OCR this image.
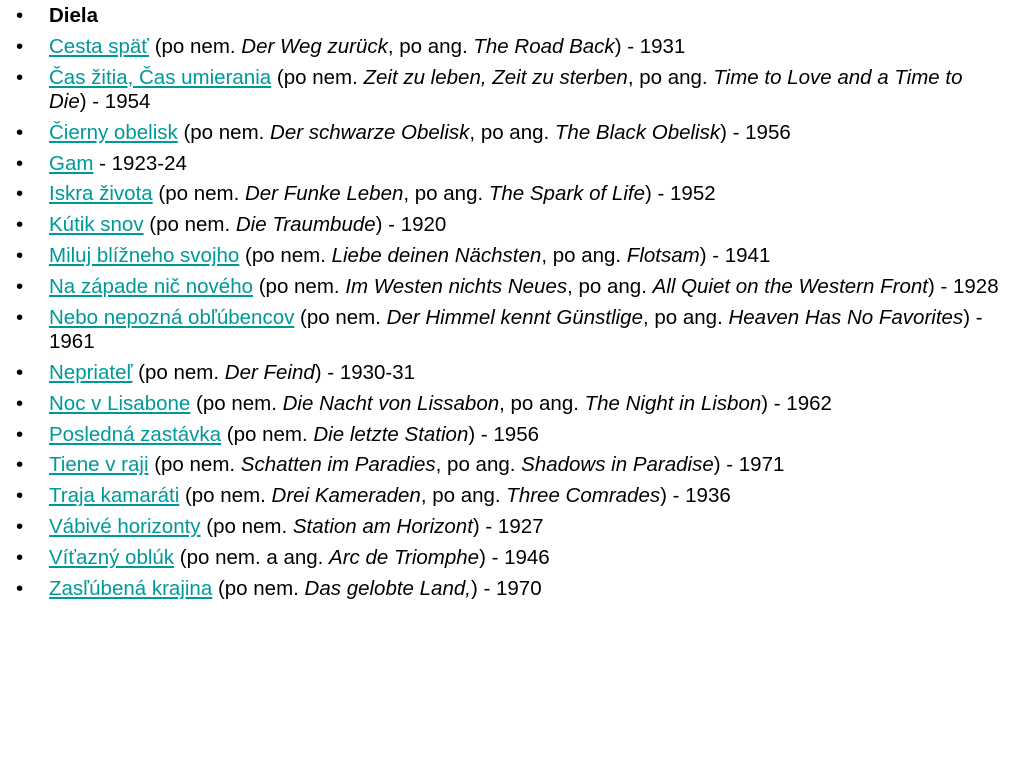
• Diela
• Cesta späť (po nem. Der Weg zurück, po ang. The Road Back) - 1931
• Čas žitia, Čas umierania (po nem. Zeit zu leben, Zeit zu sterben, po ang. Time to Love and a Time to Die) - 1954
• Čierny obelisk (po nem. Der schwarze Obelisk, po ang. The Black Obelisk) - 1956
• Gam - 1923-24
• Iskra života (po nem. Der Funke Leben, po ang. The Spark of Life) - 1952
• Kútik snov (po nem. Die Traumbude) - 1920
• Miluj blížneho svojho (po nem. Liebe deinen Nächsten, po ang. Flotsam) - 1941
• Na západe nič nového (po nem. Im Westen nichts Neues, po ang. All Quiet on the Western Front) - 1928
• Nebo nepozná obľúbencov (po nem. Der Himmel kennt Günstlige, po ang. Heaven Has No Favorites) - 1961
• Nepriateľ (po nem. Der Feind) - 1930-31
• Noc v Lisabone (po nem. Die Nacht von Lissabon, po ang. The Night in Lisbon) - 1962
• Posledná zastávka (po nem. Die letzte Station) - 1956
• Tiene v raji (po nem. Schatten im Paradies, po ang. Shadows in Paradise) - 1971
• Traja kamaráti (po nem. Drei Kameraden, po ang. Three Comrades) - 1936
• Vábivé horizonty (po nem. Station am Horizont) - 1927
• Víťazný oblúk (po nem. a ang. Arc de Triomphe) - 1946
• Zasľúbená krajina (po nem. Das gelobte Land,) - 1970
